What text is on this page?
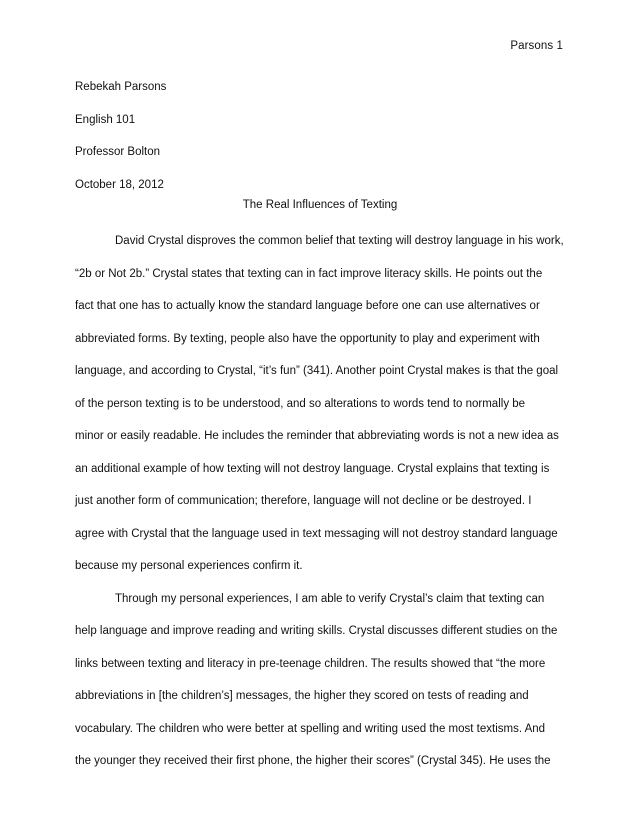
Parsons 1
Rebekah Parsons
English 101
Professor Bolton
October 18, 2012
The Real Influences of Texting
David Crystal disproves the common belief that texting will destroy language in his work,
“2b or Not 2b.” Crystal states that texting can in fact improve literacy skills. He points out the
fact that one has to actually know the standard language before one can use alternatives or
abbreviated forms. By texting, people also have the opportunity to play and experiment with
language, and according to Crystal, “it’s fun” (341). Another point Crystal makes is that the goal
of the person texting is to be understood, and so alterations to words tend to normally be
minor or easily readable. He includes the reminder that abbreviating words is not a new idea as
an additional example of how texting will not destroy language. Crystal explains that texting is
just another form of communication; therefore, language will not decline or be destroyed. I
agree with Crystal that the language used in text messaging will not destroy standard language
because my personal experiences confirm it.
Through my personal experiences, I am able to verify Crystal’s claim that texting can
help language and improve reading and writing skills. Crystal discusses different studies on the
links between texting and literacy in pre-teenage children. The results showed that “the more
abbreviations in [the children’s] messages, the higher they scored on tests of reading and
vocabulary. The children who were better at spelling and writing used the most textisms. And
the younger they received their first phone, the higher their scores” (Crystal 345). He uses the
